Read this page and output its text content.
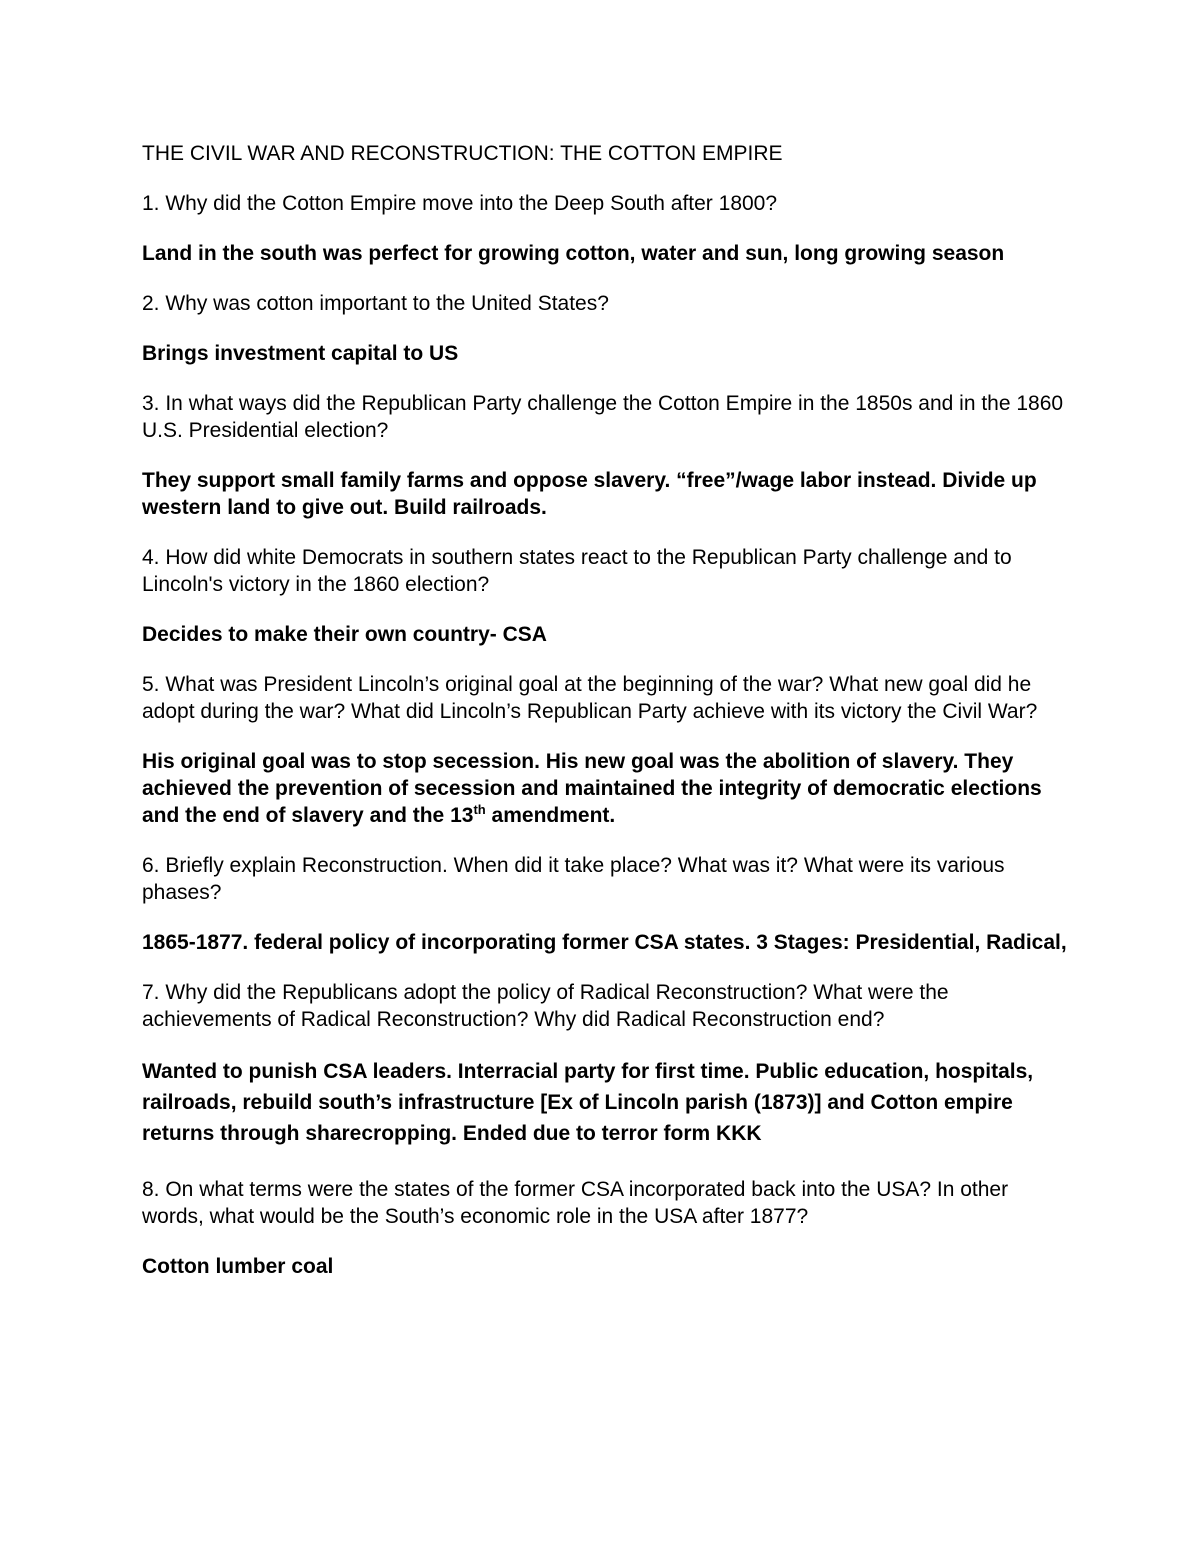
THE CIVIL WAR AND RECONSTRUCTION: THE COTTON EMPIRE

1. Why did the Cotton Empire move into the Deep South after 1800?

Land in the south was perfect for growing cotton, water and sun, long growing season

2. Why was cotton important to the United States?

Brings investment capital to US

3. In what ways did the Republican Party challenge the Cotton Empire in the 1850s and in the 1860 U.S. Presidential election?

They support small family farms and oppose slavery. “free”/wage labor instead. Divide up western land to give out. Build railroads.

4. How did white Democrats in southern states react to the Republican Party challenge and to Lincoln's victory in the 1860 election?

Decides to make their own country- CSA

5. What was President Lincoln’s original goal at the beginning of the war? What new goal did he adopt during the war? What did Lincoln’s Republican Party achieve with its victory the Civil War?

His original goal was to stop secession. His new goal was the abolition of slavery. They achieved the prevention of secession and maintained the integrity of democratic elections and the end of slavery and the 13th amendment.

6. Briefly explain Reconstruction. When did it take place? What was it? What were its various phases?

1865-1877. federal policy of incorporating former CSA states. 3 Stages: Presidential, Radical,

7. Why did the Republicans adopt the policy of Radical Reconstruction? What were the achievements of Radical Reconstruction? Why did Radical Reconstruction end?

Wanted to punish CSA leaders. Interracial party for first time. Public education, hospitals, railroads, rebuild south’s infrastructure [Ex of Lincoln parish (1873)] and Cotton empire returns through sharecropping. Ended due to terror form KKK

8. On what terms were the states of the former CSA incorporated back into the USA? In other words, what would be the South’s economic role in the USA after 1877?

Cotton lumber coal
